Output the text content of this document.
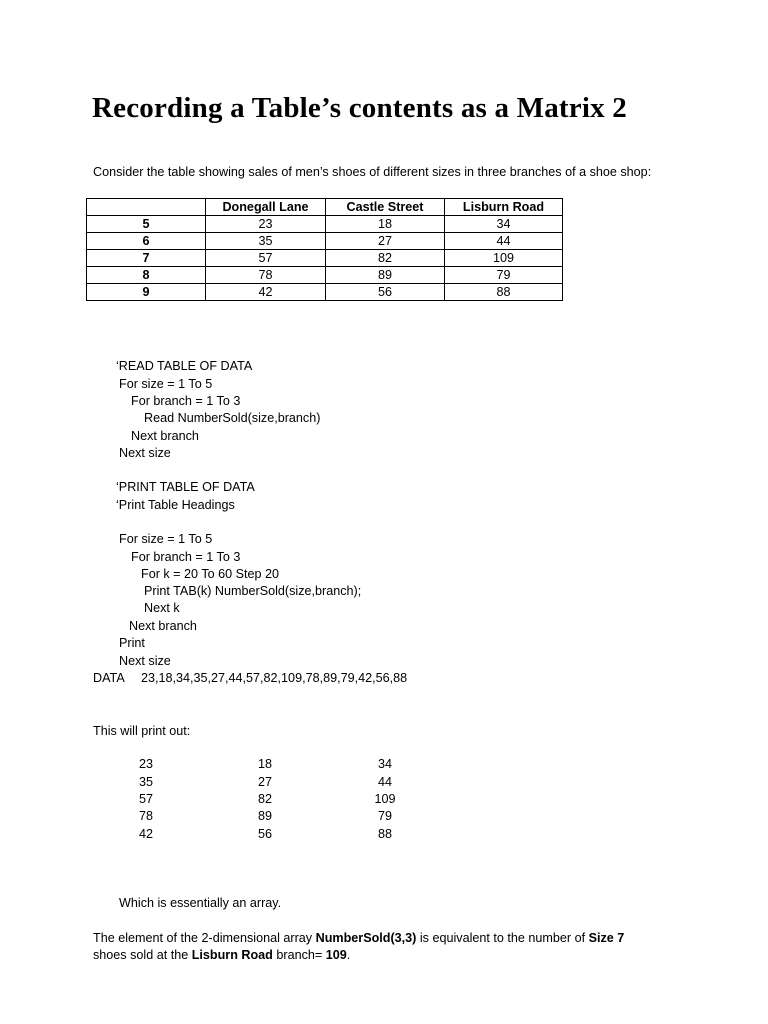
Recording a Table’s contents as a Matrix 2
Consider the table showing sales of men’s shoes of different sizes in three branches of a shoe shop:
	Donegall Lane	Castle Street	Lisburn Road
5	23	18	34
6	35	27	44
7	57	82	109
8	78	89	79
9	42	56	88
‘READ TABLE OF DATA
For size = 1 To 5
For branch = 1 To 3
Read NumberSold(size,branch)
Next branch
Next size
‘PRINT TABLE OF DATA
‘Print Table Headings
For size = 1 To 5
For branch = 1 To 3
For k = 20 To 60 Step 20
Print TAB(k) NumberSold(size,branch);
Next k
Next branch
Print
Next size
DATA 23,18,34,35,27,44,57,82,109,78,89,79,42,56,88
This will print out:
23	18	34
35	27	44
57	82	109
78	89	79
42	56	88
Which is essentially an array.
The element of the 2-dimensional array NumberSold(3,3) is equivalent to the number of Size 7
shoes sold at the Lisburn Road branch= 109.
